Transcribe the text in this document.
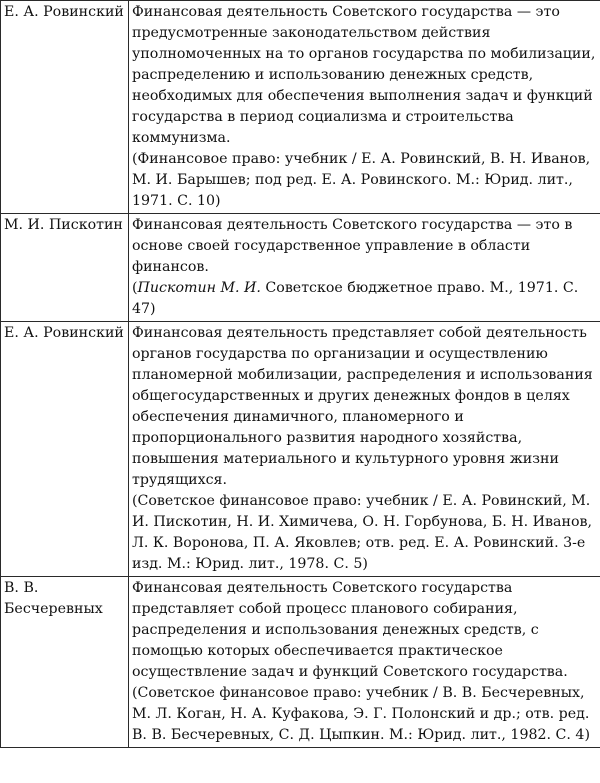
Е. А. Ровинский	Финансовая деятельность Советского государства — это предусмотренные законодательством действия уполномоченных на то органов государства по мобилизации, распределению и использованию денежных средств, необходимых для обеспечения выполнения задач и функций государства в период социализма и строительства коммунизма.
(Финансовое право: учебник / Е. А. Ровинский, В. Н. Иванов, М. И. Барышев; под ред. Е. А. Ровинского. М.: Юрид. лит., 1971. С. 10)

М. И. Пискотин	Финансовая деятельность Советского государства — это в основе своей государственное управление в области финансов.
(Пискотин М. И. Советское бюджетное право. М., 1971. С. 47)

Е. А. Ровинский	Финансовая деятельность представляет собой деятельность органов государства по организации и осуществлению планомерной мобилизации, распределения и использования общегосударственных и других денежных фондов в целях обеспечения динамичного, планомерного и пропорционального развития народного хозяйства, повышения материального и культурного уровня жизни трудящихся.
(Советское финансовое право: учебник / Е. А. Ровинский, М. И. Пискотин, Н. И. Химичева, О. Н. Горбунова, Б. Н. Иванов, Л. К. Воронова, П. А. Яковлев; отв. ред. Е. А. Ровинский. 3-е изд. М.: Юрид. лит., 1978. С. 5)

В. В. Бесчеревных	Финансовая деятельность Советского государства представляет собой процесс планового собирания, распределения и использования денежных средств, с помощью которых обеспечивается практическое осуществление задач и функций Советского государства.
(Советское финансовое право: учебник / В. В. Бесчеревных, М. Л. Коган, Н. А. Куфакова, Э. Г. Полонский и др.; отв. ред. В. В. Бесчеревных, С. Д. Цыпкин. М.: Юрид. лит., 1982. С. 4)
